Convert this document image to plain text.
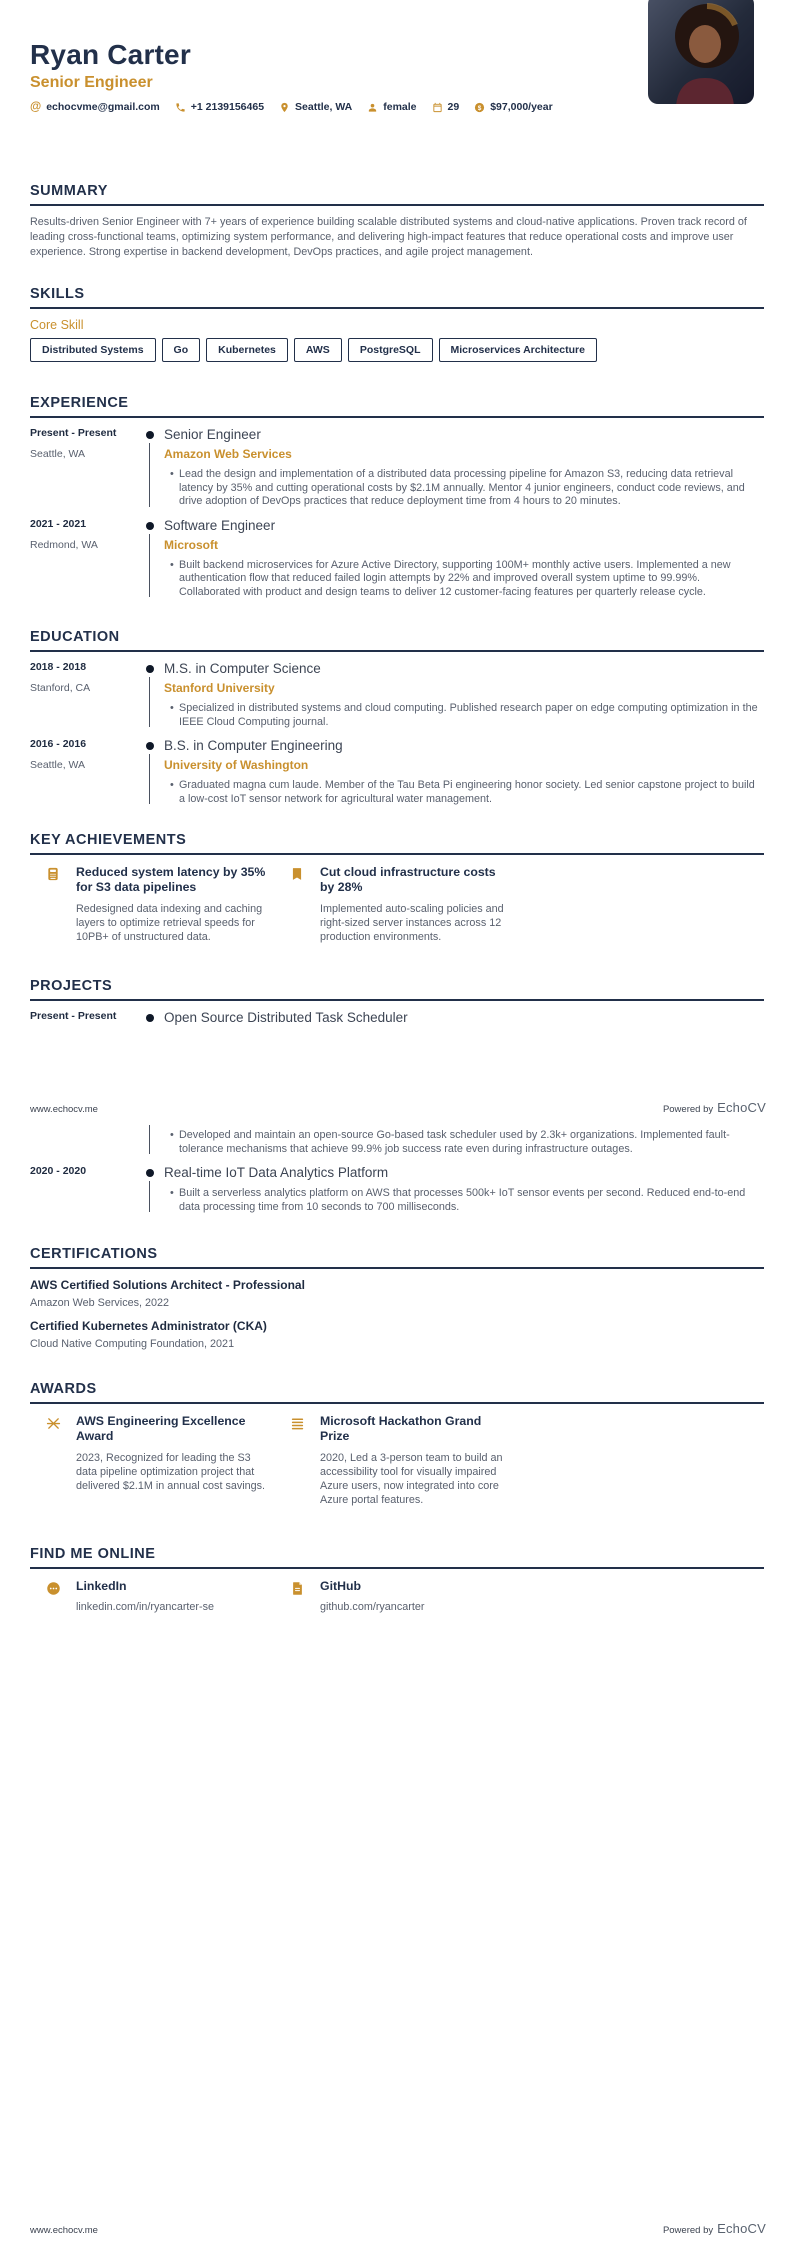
Ryan Carter
Senior Engineer
@ echocvme@gmail.com	+1 2139156465	Seattle, WA	female	29 $ $97,000/year
SUMMARY

Results-driven Senior Engineer with 7+ years of experience building scalable distributed systems and cloud-native applications. Proven track record of leading cross-functional teams, optimizing system performance, and delivering high-impact features that reduce operational costs and improve user experience. Strong expertise in backend development, DevOps practices, and agile project management.

SKILLS
Core Skill
Distributed Systems	Go	Kubernetes	AWS	PostgreSQL	Microservices Architecture
EXPERIENCE
Present - Present
Seattle, WA
Senior Engineer
Amazon Web Services
• Lead the design and implementation of a distributed data processing pipeline for Amazon S3, reducing data retrieval latency by 35% and cutting operational costs by $2.1M annually. Mentor 4 junior engineers, conduct code reviews, and drive adoption of DevOps practices that reduce deployment time from 4 hours to 20 minutes.
2021 - 2021
Redmond, WA
Software Engineer
Microsoft
• Built backend microservices for Azure Active Directory, supporting 100M+ monthly active users. Implemented a new authentication flow that reduced failed login attempts by 22% and improved overall system uptime to 99.99%. Collaborated with product and design teams to deliver 12 customer-facing features per quarterly release cycle.
EDUCATION
2018 - 2018
Stanford, CA
M.S. in Computer Science
Stanford University
• Specialized in distributed systems and cloud computing. Published research paper on edge computing optimization in the IEEE Cloud Computing journal.
2016 - 2016
Seattle, WA
B.S. in Computer Engineering
University of Washington
• Graduated magna cum laude. Member of the Tau Beta Pi engineering honor society. Led senior capstone project to build a low-cost IoT sensor network for agricultural water management.
KEY ACHIEVEMENTS
Reduced system latency by 35% for S3 data pipelines
Redesigned data indexing and caching layers to optimize retrieval speeds for 10PB+ of unstructured data.
Cut cloud infrastructure costs by 28%
Implemented auto-scaling policies and right-sized server instances across 12 production environments.
PROJECTS
Present - Present	Open Source Distributed Task Scheduler
• Developed and maintain an open-source Go-based task scheduler used by 2.3k+ organizations. Implemented fault-tolerance mechanisms that achieve 99.9% job success rate even during infrastructure outages.
2020 - 2020	Real-time IoT Data Analytics Platform
• Built a serverless analytics platform on AWS that processes 500k+ IoT sensor events per second. Reduced end-to-end data processing time from 10 seconds to 700 milliseconds.
CERTIFICATIONS
AWS Certified Solutions Architect - Professional
Amazon Web Services, 2022
Certified Kubernetes Administrator (CKA)
Cloud Native Computing Foundation, 2021
AWARDS
AWS Engineering Excellence Award
2023, Recognized for leading the S3 data pipeline optimization project that delivered $2.1M in annual cost savings.
Microsoft Hackathon Grand Prize
2020, Led a 3-person team to build an accessibility tool for visually impaired Azure users, now integrated into core Azure portal features.
FIND ME ONLINE
LinkedIn
linkedin.com/in/ryancarter-se
GitHub
github.com/ryancarter
www.echocv.me	Powered by EchoCV
www.echocv.me	Powered by EchoCV
